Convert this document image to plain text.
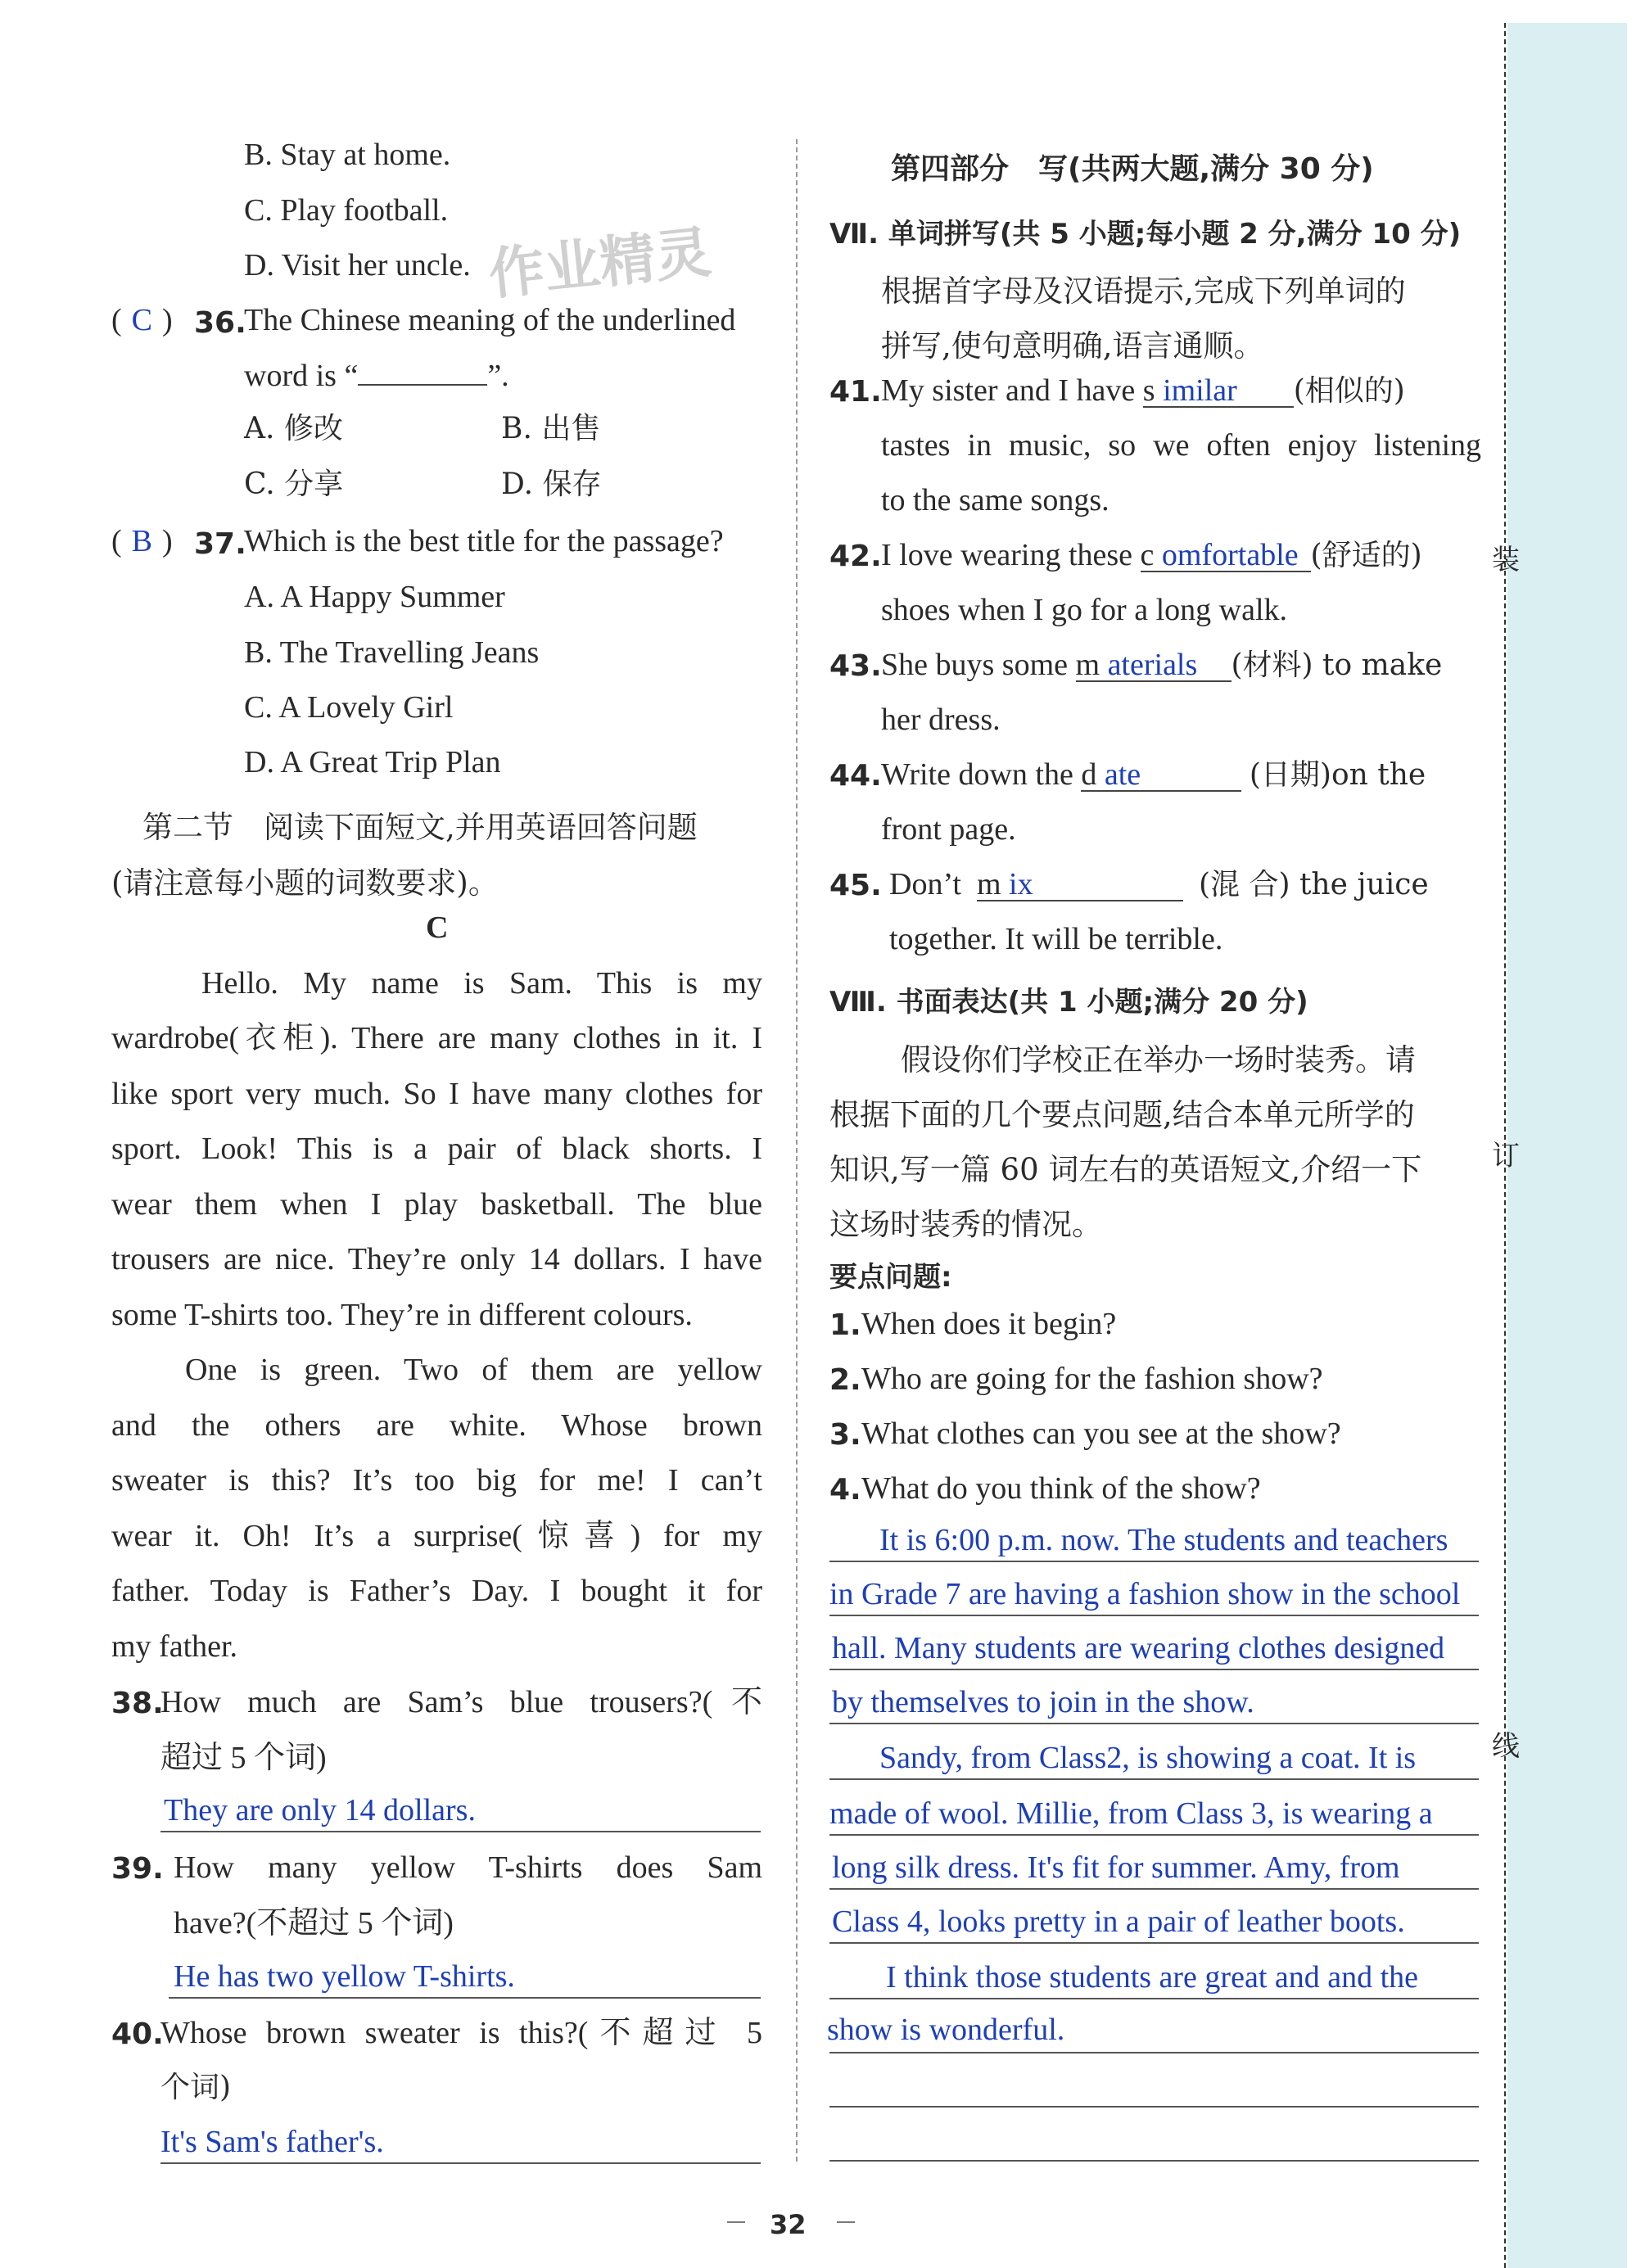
装
订
线
作业精灵
B. Stay at home.
C. Play football.
D. Visit her uncle.
( C ) 36.
The Chinese meaning of the underlined
word is “	”.
A. 修改	B. 出售
C. 分享	D. 保存
( B ) 37.
Which is the best title for the passage?
A. A Happy Summer
B. The Travelling Jeans
C. A Lovely Girl
D. A Great Trip Plan
第二节　阅读下面短文,并用英语回答问题
(请注意每小题的词数要求)。
C
Hello. My name is Sam. This is my
wardrobe(衣柜). There are many clothes in it. I
like sport very much. So I have many clothes for
sport. Look! This is a pair of black shorts. I
wear them when I play basketball. The blue
trousers are nice. They’re only 14 dollars. I have
some T-shirts too. They’re in different colours.
One is green. Two of them are yellow
and the others are white. Whose brown
sweater is this? It’s too big for me! I can’t
wear it. Oh! It’s a surprise(惊喜) for my
father. Today is Father’s Day. I bought it for
my father.
38.
How much are Sam’s blue trousers?(不
超过 5 个词)
They are only 14 dollars.
39. How many yellow T-shirts does Sam
have?(不超过 5 个词)
He has two yellow T-shirts.
40.
Whose brown sweater is this?(不超过 5
个词)
It's Sam's father's.
第四部分　写(共两大题,满分 30 分)
Ⅶ. 单词拼写(共 5 小题;每小题 2 分,满分 10 分)
根据首字母及汉语提示,完成下列单词的
拼写,使句意明确,语言通顺。
41. My sister and I have s imilar (相似的)
tastes in music, so we often enjoy listening
to the same songs.
42. I love wearing these c omfortable (舒适的)
shoes when I go for a long walk.
43. She buys some m aterials (材料) to make
her dress.
44. Write down the d ate	(日期)on the
front page.
45. Don’t m ix	(混 合) the juice
together. It will be terrible.
Ⅷ. 书面表达(共 1 小题;满分 20 分)
假设你们学校正在举办一场时装秀。请
根据下面的几个要点问题,结合本单元所学的
知识,写一篇 60 词左右的英语短文,介绍一下
这场时装秀的情况。
要点问题:
1. When does it begin?
2. Who are going for the fashion show?
3. What clothes can you see at the show?
4. What do you think of the show?
It is 6:00 p.m. now. The students and teachers
in Grade 7 are having a fashion show in the school
hall. Many students are wearing clothes designed
by themselves to join in the show.
Sandy, from Class2, is showing a coat. It is
made of wool. Millie, from Class 3, is wearing a
long silk dress. It's fit for summer. Amy, from
Class 4, looks pretty in a pair of leather boots.
I think those students are great and and the
show is wonderful.
32
